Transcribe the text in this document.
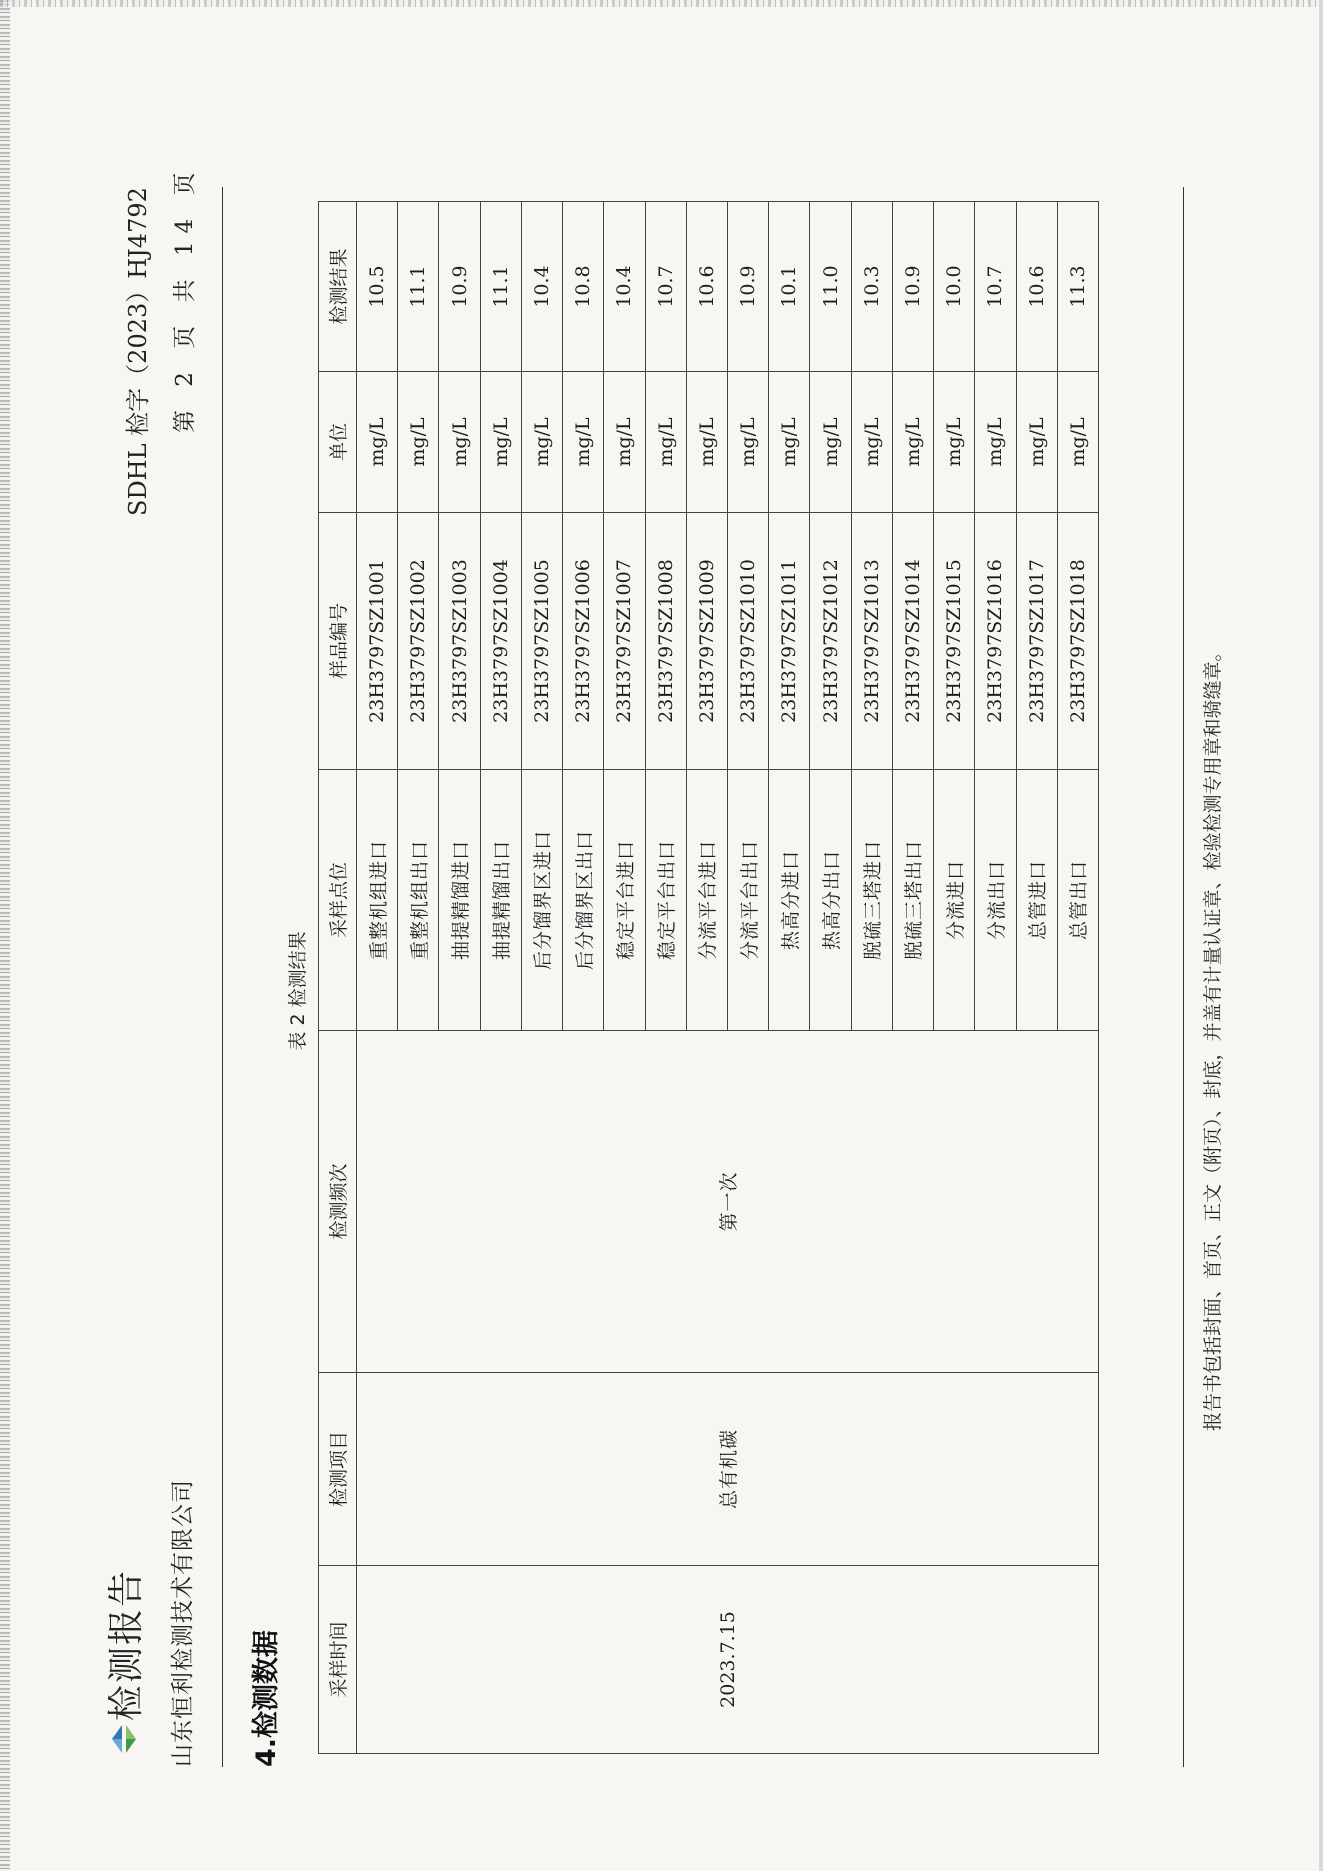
检测报告 山东恒利检测技术有限公司
SDHL 检字（2023）HJ4792 第 2 页 共 14 页
4.检测数据
表 2 检测结果
采样时间	检测项目	检测频次	采样点位	样品编号	单位	检测结果
2023.7.15	总有机碳	第一次	重整机组进口	23H3797SZ1001	mg/L	10.5
			重整机组出口	23H3797SZ1002	mg/L	11.1
			抽提精馏进口	23H3797SZ1003	mg/L	10.9
			抽提精馏出口	23H3797SZ1004	mg/L	11.1
			后分馏界区进口	23H3797SZ1005	mg/L	10.4
			后分馏界区出口	23H3797SZ1006	mg/L	10.8
			稳定平台进口	23H3797SZ1007	mg/L	10.4
			稳定平台出口	23H3797SZ1008	mg/L	10.7
			分流平台进口	23H3797SZ1009	mg/L	10.6
			分流平台出口	23H3797SZ1010	mg/L	10.9
			热高分进口	23H3797SZ1011	mg/L	10.1
			热高分出口	23H3797SZ1012	mg/L	11.0
			脱硫三塔进口	23H3797SZ1013	mg/L	10.3
			脱硫三塔出口	23H3797SZ1014	mg/L	10.9
			分流进口	23H3797SZ1015	mg/L	10.0
			分流出口	23H3797SZ1016	mg/L	10.7
			总管进口	23H3797SZ1017	mg/L	10.6
			总管出口	23H3797SZ1018	mg/L	11.3
报告书包括封面、首页、正文（附页）、封底，并盖有计量认证章、检验检测专用章和骑缝章。
